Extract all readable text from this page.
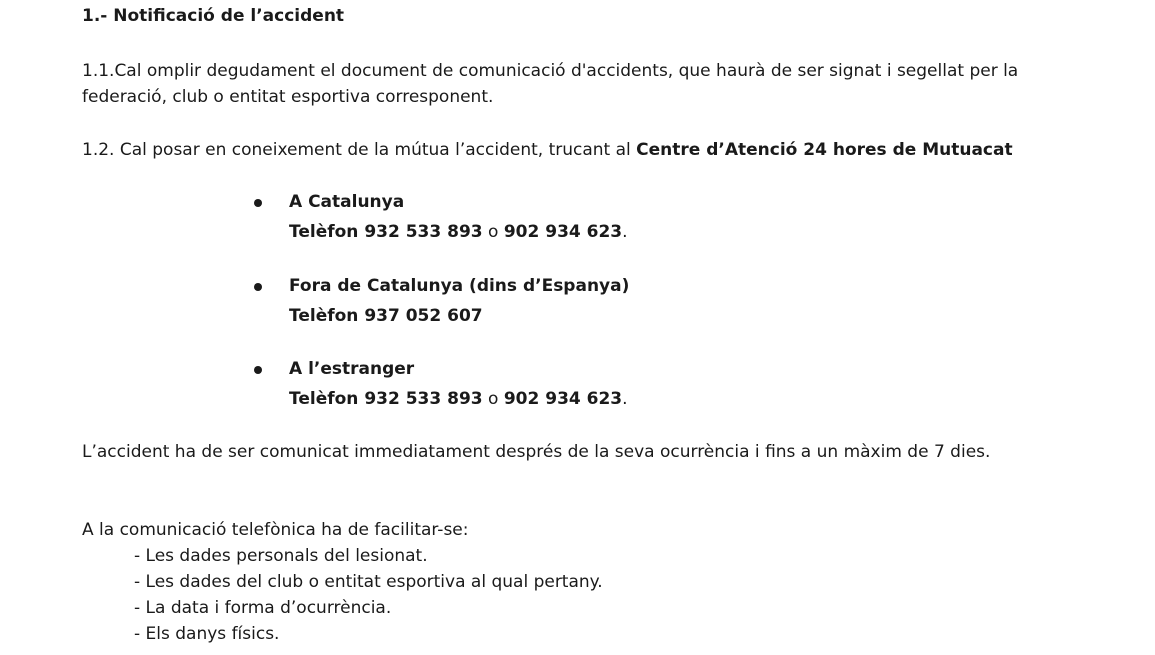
1.- Notificació de l’accident
1.1.Cal omplir degudament el document de comunicació d'accidents, que haurà de ser signat i segellat per la federació, club o entitat esportiva corresponent.
1.2. Cal posar en coneixement de la mútua l’accident, trucant al Centre d’Atenció 24 hores de Mutuacat
A Catalunya
Telèfon 932 533 893 o 902 934 623.
Fora de Catalunya (dins d’Espanya)
Telèfon 937 052 607
A l’estranger
Telèfon 932 533 893 o 902 934 623.
L’accident ha de ser comunicat immediatament després de la seva ocurrència i fins a un màxim de 7 dies.
A la comunicació telefònica ha de facilitar-se:
- Les dades personals del lesionat.
- Les dades del club o entitat esportiva al qual pertany.
- La data i forma d’ocurrència.
- Els danys físics.
